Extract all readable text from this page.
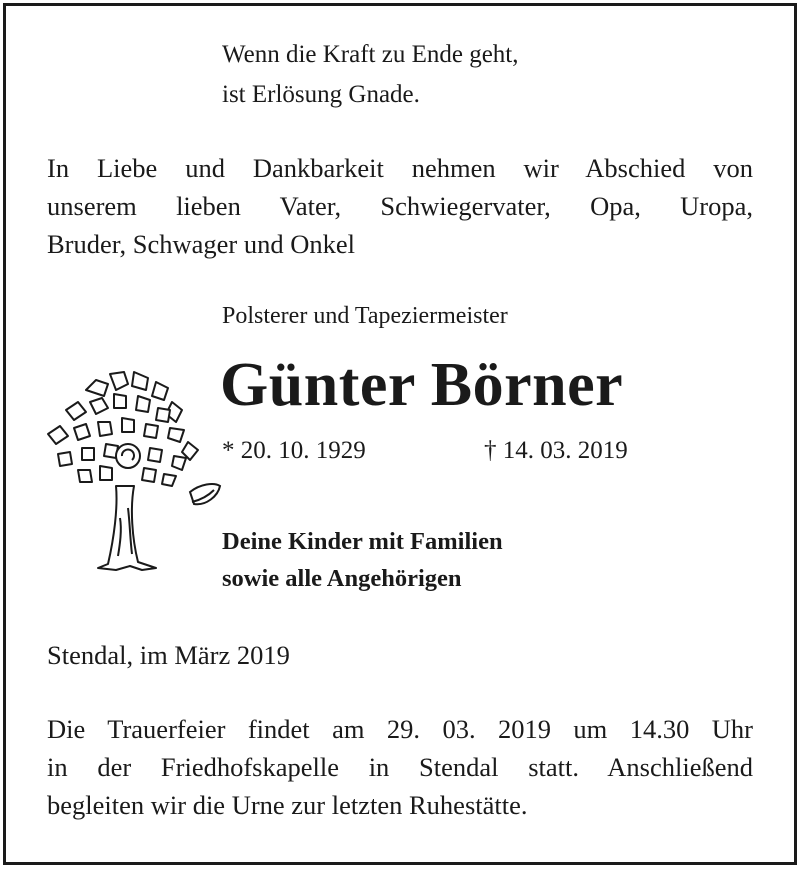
Wenn die Kraft zu Ende geht,
ist Erlösung Gnade.
In Liebe und Dankbarkeit nehmen wir Abschied von
unserem lieben Vater, Schwiegervater, Opa, Uropa,
Bruder, Schwager und Onkel
Polsterer und Tapeziermeister
Günter Börner
* 20. 10. 1929	† 14. 03. 2019
Deine Kinder mit Familien
sowie alle Angehörigen
Stendal, im März 2019
Die Trauerfeier findet am 29. 03. 2019 um 14.30 Uhr
in der Friedhofskapelle in Stendal statt. Anschließend
begleiten wir die Urne zur letzten Ruhestätte.
